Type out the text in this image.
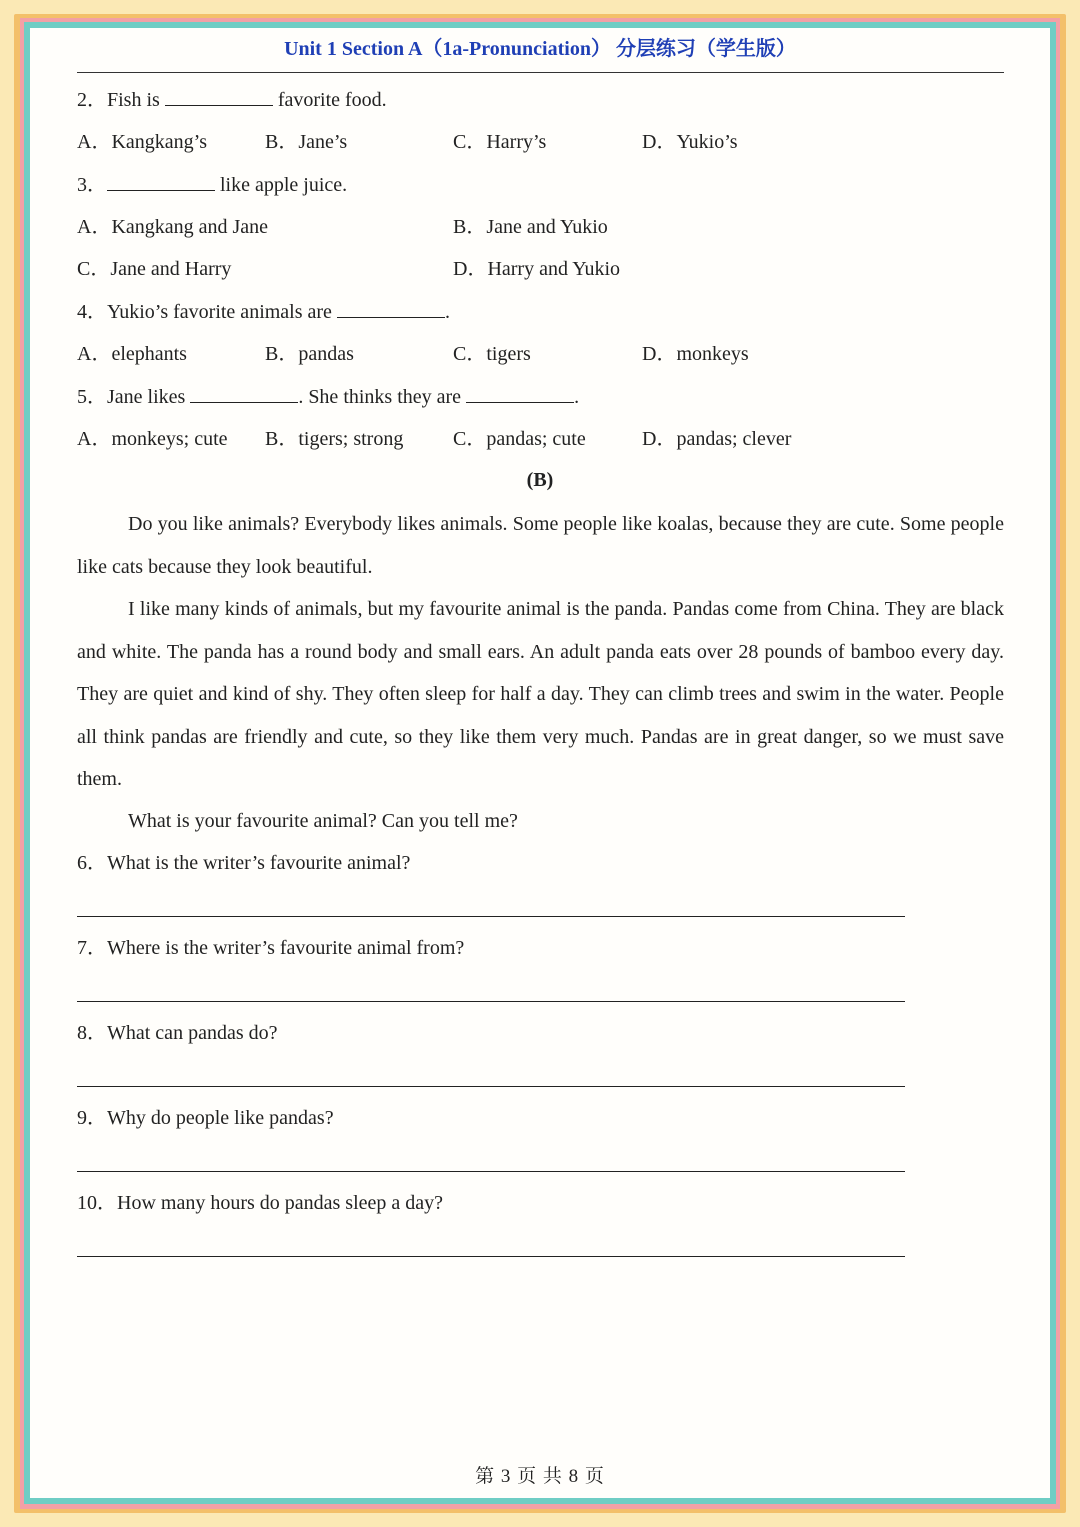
Unit 1 Section A（1a-Pronunciation） 分层练习（学生版）
2．Fish is	favorite food.
A．Kangkang’s	B．Jane’s	C．Harry’s	D．Yukio’s
3．	like apple juice.
A．Kangkang and Jane	B．Jane and Yukio
C．Jane and Harry	D．Harry and Yukio
4．Yukio’s favorite animals are	.
A．elephants	B．pandas	C．tigers	D．monkeys
5．Jane likes	. She thinks they are	.
A．monkeys; cute B．tigers; strong C．pandas; cute	D．pandas; clever
(B)
Do you like animals? Everybody likes animals. Some people like koalas, because they are cute. Some people like cats because they look beautiful.
I like many kinds of animals, but my favourite animal is the panda. Pandas come from China. They are black and white. The panda has a round body and small ears. An adult panda eats over 28 pounds of bamboo every day. They are quiet and kind of shy. They often sleep for half a day. They can climb trees and swim in the water. People all think pandas are friendly and cute, so they like them very much. Pandas are in great danger, so we must save them.
What is your favourite animal? Can you tell me?
6．What is the writer’s favourite animal?
7．Where is the writer’s favourite animal from?
8．What can pandas do?
9．Why do people like pandas?
10．How many hours do pandas sleep a day?
第 3 页 共 8 页
